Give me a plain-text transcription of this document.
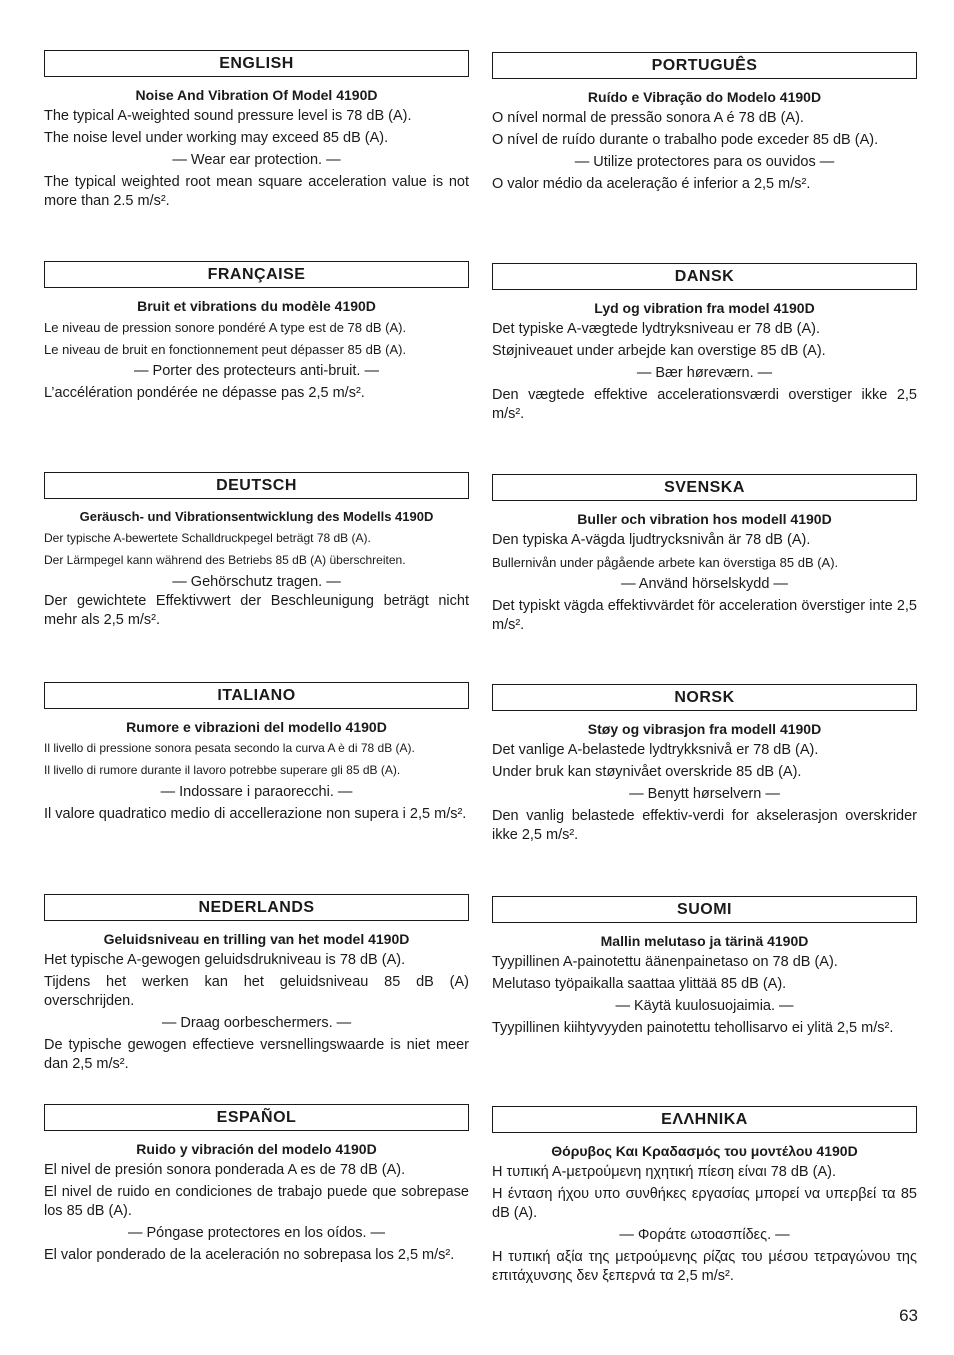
ENGLISH
Noise And Vibration Of Model 4190D
The typical A-weighted sound pressure level is 78 dB (A).
The noise level under working may exceed 85 dB (A).
— Wear ear protection. —
The typical weighted root mean square acceleration value is not more than 2.5 m/s².
PORTUGUÊS
Ruído e Vibração do Modelo 4190D
O nível normal de pressão sonora A é 78 dB (A).
O nível de ruído durante o trabalho pode exceder 85 dB (A).
— Utilize protectores para os ouvidos —
O valor médio da aceleração é inferior a 2,5 m/s².
FRANÇAISE
Bruit et vibrations du modèle 4190D
Le niveau de pression sonore pondéré A type est de 78 dB (A).
Le niveau de bruit en fonctionnement peut dépasser 85 dB (A).
— Porter des protecteurs anti-bruit. —
L’accélération pondérée ne dépasse pas 2,5 m/s².
DANSK
Lyd og vibration fra model 4190D
Det typiske A-vægtede lydtryksniveau er 78 dB (A).
Støjniveauet under arbejde kan overstige 85 dB (A).
— Bær høreværn. —
Den vægtede effektive accelerationsværdi overstiger ikke 2,5 m/s².
DEUTSCH
Geräusch- und Vibrationsentwicklung des Modells 4190D
Der typische A-bewertete Schalldruckpegel beträgt 78 dB (A).
Der Lärmpegel kann während des Betriebs 85 dB (A) überschreiten.
— Gehörschutz tragen. —
Der gewichtete Effektivwert der Beschleunigung beträgt nicht mehr als 2,5 m/s².
SVENSKA
Buller och vibration hos modell 4190D
Den typiska A-vägda ljudtrycksnivån är 78 dB (A).
Bullernivån under pågående arbete kan överstiga 85 dB (A).
— Använd hörselskydd —
Det typiskt vägda effektivvärdet för acceleration överstiger inte 2,5 m/s².
ITALIANO
Rumore e vibrazioni del modello 4190D
Il livello di pressione sonora pesata secondo la curva A è di 78 dB (A).
Il livello di rumore durante il lavoro potrebbe superare gli 85 dB (A).
— Indossare i paraorecchi. —
Il valore quadratico medio di accellerazione non supera i 2,5 m/s².
NORSK
Støy og vibrasjon fra modell 4190D
Det vanlige A-belastede lydtrykksnivå er 78 dB (A).
Under bruk kan støynivået overskride 85 dB (A).
— Benytt hørselvern —
Den vanlig belastede effektiv-verdi for akselerasjon overskrider ikke 2,5 m/s².
NEDERLANDS
Geluidsniveau en trilling van het model 4190D
Het typische A-gewogen geluidsdrukniveau is 78 dB (A).
Tijdens het werken kan het geluidsniveau 85 dB (A) overschrijden.
— Draag oorbeschermers. —
De typische gewogen effectieve versnellingswaarde is niet meer dan 2,5 m/s².
SUOMI
Mallin melutaso ja tärinä 4190D
Tyypillinen A-painotettu äänenpainetaso on 78 dB (A).
Melutaso työpaikalla saattaa ylittää 85 dB (A).
— Käytä kuulosuojaimia. —
Tyypillinen kiihtyvyyden painotettu tehollisarvo ei ylitä 2,5 m/s².
ESPAÑOL
Ruido y vibración del modelo 4190D
El nivel de presión sonora ponderada A es de 78 dB (A).
El nivel de ruido en condiciones de trabajo puede que sobrepase los 85 dB (A).
— Póngase protectores en los oídos. —
El valor ponderado de la aceleración no sobrepasa los 2,5 m/s².
ΕΛΛΗΝΙΚΑ
Θόρυβος Και Κραδασμός του μοντέλου 4190D
Η τυπική Α-μετρούμενη ηχητική πίεση είναι 78 dB (A).
Η ένταση ήχου υπο συνθήκες εργασίας μπορεί να υπερβεί τα 85 dB (A).
— Φοράτε ωτοασπίδες. —
Η τυπική αξία της μετρούμενης ρίζας του μέσου τετραγώνου της επιτάχυνσης δεν ξεπερνά τα 2,5 m/s².
63
